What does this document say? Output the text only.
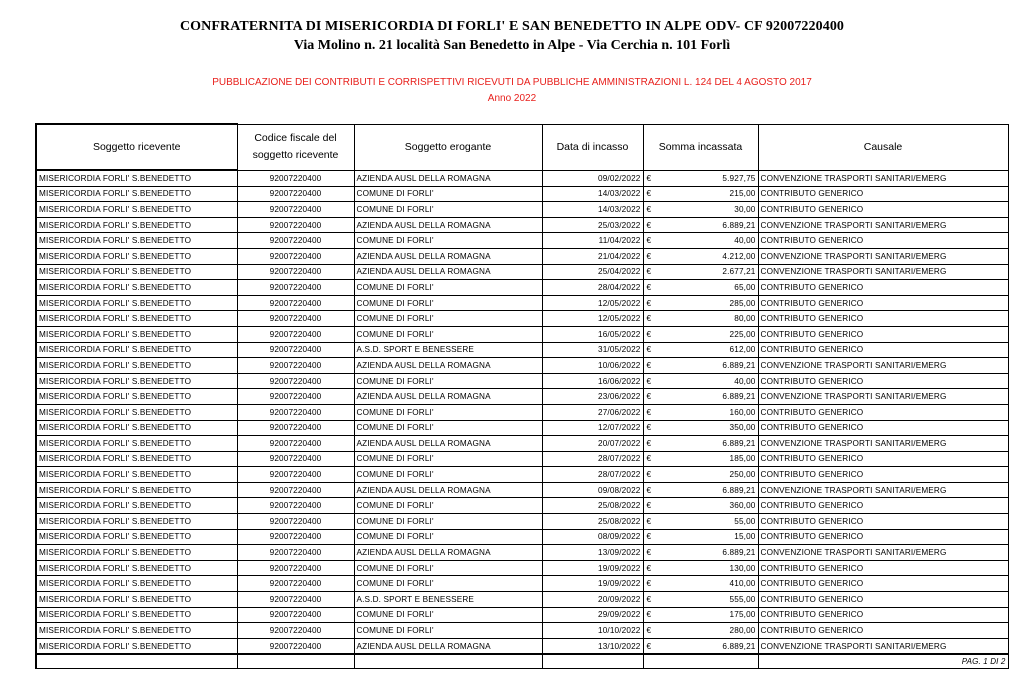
CONFRATERNITA DI MISERICORDIA DI FORLI' E SAN BENEDETTO IN ALPE ODV- CF 92007220400
Via Molino n. 21 località San Benedetto in Alpe - Via Cerchia n. 101 Forlì
PUBBLICAZIONE DEI CONTRIBUTI E CORRISPETTIVI RICEVUTI DA PUBBLICHE AMMINISTRAZIONI L. 124 DEL 4 AGOSTO 2017
Anno 2022
Soggetto ricevente	Codice fiscale del soggetto ricevente	Soggetto erogante	Data di incasso	Somma incassata	Causale
MISERICORDIA FORLI' S.BENEDETTO	92007220400	AZIENDA AUSL DELLA ROMAGNA	09/02/2022	€ 5.927,75	CONVENZIONE TRASPORTI SANITARI/EMERG
MISERICORDIA FORLI' S.BENEDETTO	92007220400	COMUNE DI FORLI'	14/03/2022	€ 215,00	CONTRIBUTO GENERICO
MISERICORDIA FORLI' S.BENEDETTO	92007220400	COMUNE DI FORLI'	14/03/2022	€ 30,00	CONTRIBUTO GENERICO
MISERICORDIA FORLI' S.BENEDETTO	92007220400	AZIENDA AUSL DELLA ROMAGNA	25/03/2022	€ 6.889,21	CONVENZIONE TRASPORTI SANITARI/EMERG
MISERICORDIA FORLI' S.BENEDETTO	92007220400	COMUNE DI FORLI'	11/04/2022	€ 40,00	CONTRIBUTO GENERICO
MISERICORDIA FORLI' S.BENEDETTO	92007220400	AZIENDA AUSL DELLA ROMAGNA	21/04/2022	€ 4.212,00	CONVENZIONE TRASPORTI SANITARI/EMERG
MISERICORDIA FORLI' S.BENEDETTO	92007220400	AZIENDA AUSL DELLA ROMAGNA	25/04/2022	€ 2.677,21	CONVENZIONE TRASPORTI SANITARI/EMERG
MISERICORDIA FORLI' S.BENEDETTO	92007220400	COMUNE DI FORLI'	28/04/2022	€ 65,00	CONTRIBUTO GENERICO
MISERICORDIA FORLI' S.BENEDETTO	92007220400	COMUNE DI FORLI'	12/05/2022	€ 285,00	CONTRIBUTO GENERICO
MISERICORDIA FORLI' S.BENEDETTO	92007220400	COMUNE DI FORLI'	12/05/2022	€ 80,00	CONTRIBUTO GENERICO
MISERICORDIA FORLI' S.BENEDETTO	92007220400	COMUNE DI FORLI'	16/05/2022	€ 225,00	CONTRIBUTO GENERICO
MISERICORDIA FORLI' S.BENEDETTO	92007220400	A.S.D. SPORT E BENESSERE	31/05/2022	€ 612,00	CONTRIBUTO GENERICO
MISERICORDIA FORLI' S.BENEDETTO	92007220400	AZIENDA AUSL DELLA ROMAGNA	10/06/2022	€ 6.889,21	CONVENZIONE TRASPORTI SANITARI/EMERG
MISERICORDIA FORLI' S.BENEDETTO	92007220400	COMUNE DI FORLI'	16/06/2022	€ 40,00	CONTRIBUTO GENERICO
MISERICORDIA FORLI' S.BENEDETTO	92007220400	AZIENDA AUSL DELLA ROMAGNA	23/06/2022	€ 6.889,21	CONVENZIONE TRASPORTI SANITARI/EMERG
MISERICORDIA FORLI' S.BENEDETTO	92007220400	COMUNE DI FORLI'	27/06/2022	€ 160,00	CONTRIBUTO GENERICO
MISERICORDIA FORLI' S.BENEDETTO	92007220400	COMUNE DI FORLI'	12/07/2022	€ 350,00	CONTRIBUTO GENERICO
MISERICORDIA FORLI' S.BENEDETTO	92007220400	AZIENDA AUSL DELLA ROMAGNA	20/07/2022	€ 6.889,21	CONVENZIONE TRASPORTI SANITARI/EMERG
MISERICORDIA FORLI' S.BENEDETTO	92007220400	COMUNE DI FORLI'	28/07/2022	€ 185,00	CONTRIBUTO GENERICO
MISERICORDIA FORLI' S.BENEDETTO	92007220400	COMUNE DI FORLI'	28/07/2022	€ 250,00	CONTRIBUTO GENERICO
MISERICORDIA FORLI' S.BENEDETTO	92007220400	AZIENDA AUSL DELLA ROMAGNA	09/08/2022	€ 6.889,21	CONVENZIONE TRASPORTI SANITARI/EMERG
MISERICORDIA FORLI' S.BENEDETTO	92007220400	COMUNE DI FORLI'	25/08/2022	€ 360,00	CONTRIBUTO GENERICO
MISERICORDIA FORLI' S.BENEDETTO	92007220400	COMUNE DI FORLI'	25/08/2022	€ 55,00	CONTRIBUTO GENERICO
MISERICORDIA FORLI' S.BENEDETTO	92007220400	COMUNE DI FORLI'	08/09/2022	€ 15,00	CONTRIBUTO GENERICO
MISERICORDIA FORLI' S.BENEDETTO	92007220400	AZIENDA AUSL DELLA ROMAGNA	13/09/2022	€ 6.889,21	CONVENZIONE TRASPORTI SANITARI/EMERG
MISERICORDIA FORLI' S.BENEDETTO	92007220400	COMUNE DI FORLI'	19/09/2022	€ 130,00	CONTRIBUTO GENERICO
MISERICORDIA FORLI' S.BENEDETTO	92007220400	COMUNE DI FORLI'	19/09/2022	€ 410,00	CONTRIBUTO GENERICO
MISERICORDIA FORLI' S.BENEDETTO	92007220400	A.S.D. SPORT E BENESSERE	20/09/2022	€ 555,00	CONTRIBUTO GENERICO
MISERICORDIA FORLI' S.BENEDETTO	92007220400	COMUNE DI FORLI'	29/09/2022	€ 175,00	CONTRIBUTO GENERICO
MISERICORDIA FORLI' S.BENEDETTO	92007220400	COMUNE DI FORLI'	10/10/2022	€ 280,00	CONTRIBUTO GENERICO
MISERICORDIA FORLI' S.BENEDETTO	92007220400	AZIENDA AUSL DELLA ROMAGNA	13/10/2022	€ 6.889,21	CONVENZIONE TRASPORTI SANITARI/EMERG
					PAG. 1 DI 2
